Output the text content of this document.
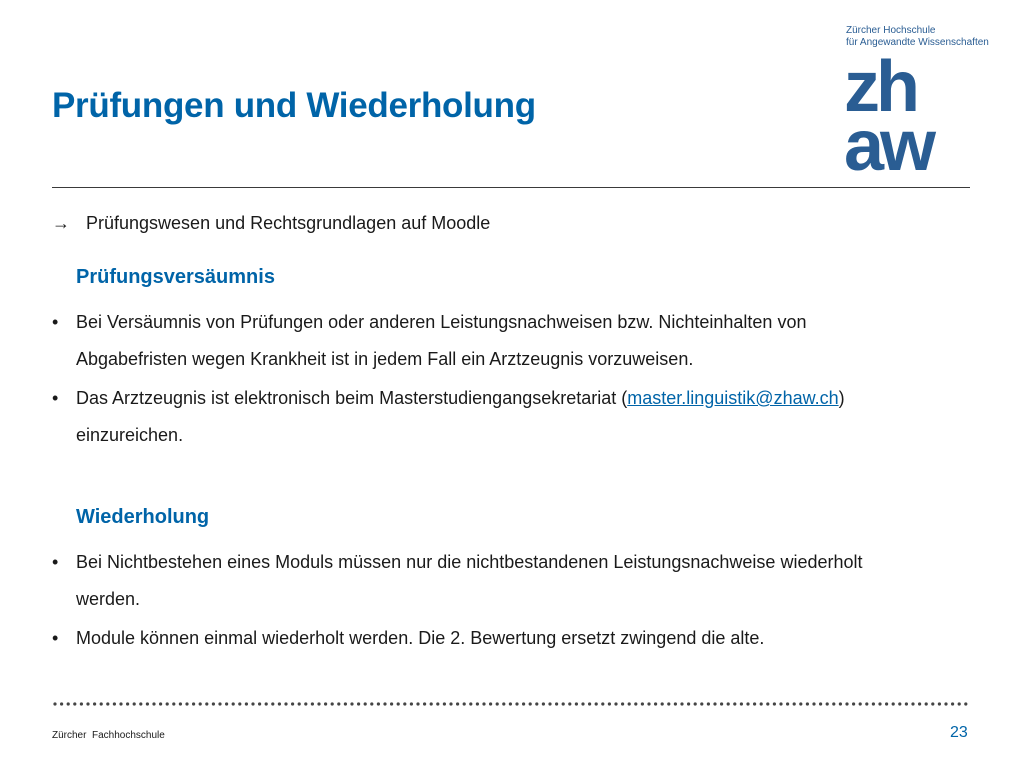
Zürcher Hochschule
für Angewandte Wissenschaften
zh
aw
Prüfungen und Wiederholung
→ Prüfungswesen und Rechtsgrundlagen auf Moodle
Prüfungsversäumnis
• Bei Versäumnis von Prüfungen oder anderen Leistungsnachweisen bzw. Nichteinhalten von
Abgabefristen wegen Krankheit ist in jedem Fall ein Arztzeugnis vorzuweisen.
• Das Arztzeugnis ist elektronisch beim Masterstudiengangsekretariat (master.linguistik@zhaw.ch)
einzureichen.
Wiederholung
• Bei Nichtbestehen eines Moduls müssen nur die nichtbestandenen Leistungsnachweise wiederholt
werden.
• Module können einmal wiederholt werden. Die 2. Bewertung ersetzt zwingend die alte.
Zürcher  Fachhochschule	23
